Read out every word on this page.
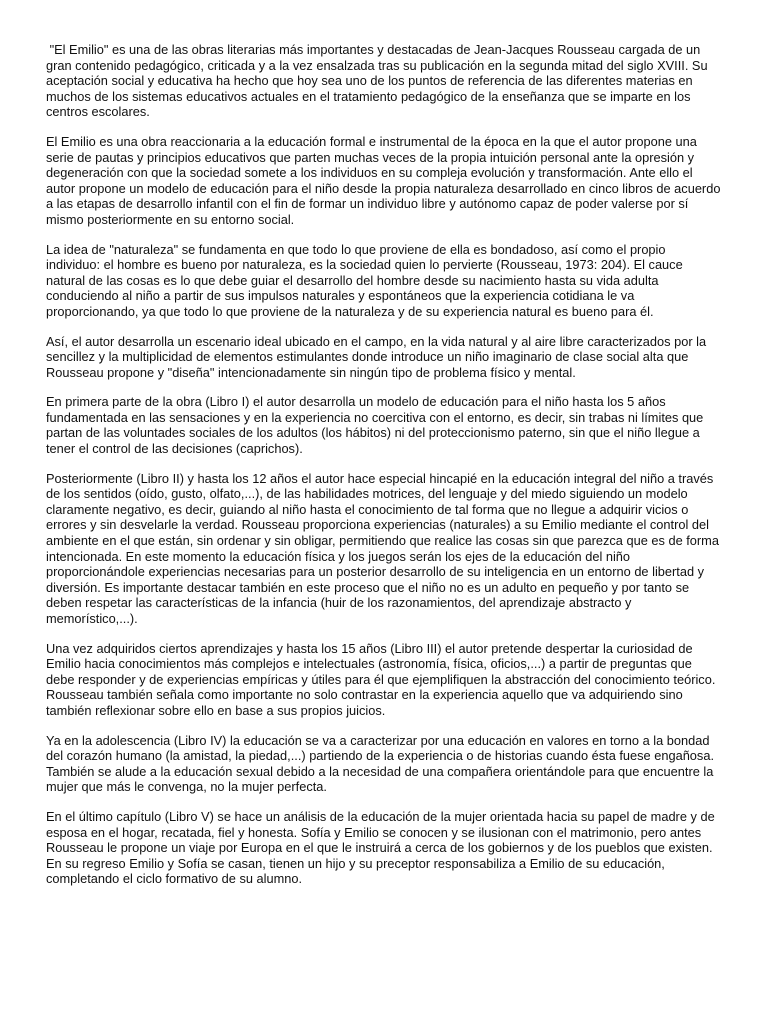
"El Emilio" es una de las obras literarias más importantes y destacadas de Jean-Jacques Rousseau cargada de un gran contenido pedagógico, criticada y a la vez ensalzada tras su publicación en la segunda mitad del siglo XVIII. Su aceptación social y educativa ha hecho que hoy sea uno de los puntos de referencia de las diferentes materias en muchos de los sistemas educativos actuales en el tratamiento pedagógico de la enseñanza que se imparte en los centros escolares.

El Emilio es una obra reaccionaria a la educación formal e instrumental de la época en la que el autor propone una serie de pautas y principios educativos que parten muchas veces de la propia intuición personal ante la opresión y degeneración con que la sociedad somete a los individuos en su compleja evolución y transformación. Ante ello el autor propone un modelo de educación para el niño desde la propia naturaleza desarrollado en cinco libros de acuerdo a las etapas de desarrollo infantil con el fin de formar un individuo libre y autónomo capaz de poder valerse por sí mismo posteriormente en su entorno social.

La idea de "naturaleza" se fundamenta en que todo lo que proviene de ella es bondadoso, así como el propio individuo: el hombre es bueno por naturaleza, es la sociedad quien lo pervierte (Rousseau, 1973: 204). El cauce natural de las cosas es lo que debe guiar el desarrollo del hombre desde su nacimiento hasta su vida adulta conduciendo al niño a partir de sus impulsos naturales y espontáneos que la experiencia cotidiana le va proporcionando, ya que todo lo que proviene de la naturaleza y de su experiencia natural es bueno para él.

Así, el autor desarrolla un escenario ideal ubicado en el campo, en la vida natural y al aire libre caracterizados por la sencillez y la multiplicidad de elementos estimulantes donde introduce un niño imaginario de clase social alta que Rousseau propone y "diseña" intencionadamente sin ningún tipo de problema físico y mental.

En primera parte de la obra (Libro I) el autor desarrolla un modelo de educación para el niño hasta los 5 años fundamentada en las sensaciones y en la experiencia no coercitiva con el entorno, es decir, sin trabas ni límites que partan de las voluntades sociales de los adultos (los hábitos) ni del proteccionismo paterno, sin que el niño llegue a tener el control de las decisiones (caprichos).

Posteriormente (Libro II) y hasta los 12 años el autor hace especial hincapié en la educación integral del niño a través de los sentidos (oído, gusto, olfato,...), de las habilidades motrices, del lenguaje y del miedo siguiendo un modelo claramente negativo, es decir, guiando al niño hasta el conocimiento de tal forma que no llegue a adquirir vicios o errores y sin desvelarle la verdad. Rousseau proporciona experiencias (naturales) a su Emilio mediante el control del ambiente en el que están, sin ordenar y sin obligar, permitiendo que realice las cosas sin que parezca que es de forma intencionada. En este momento la educación física y los juegos serán los ejes de la educación del niño proporcionándole experiencias necesarias para un posterior desarrollo de su inteligencia en un entorno de libertad y diversión. Es importante destacar también en este proceso que el niño no es un adulto en pequeño y por tanto se deben respetar las características de la infancia (huir de los razonamientos, del aprendizaje abstracto y memorístico,...).

Una vez adquiridos ciertos aprendizajes y hasta los 15 años (Libro III) el autor pretende despertar la curiosidad de Emilio hacia conocimientos más complejos e intelectuales (astronomía, física, oficios,...) a partir de preguntas que debe responder y de experiencias empíricas y útiles para él que ejemplifiquen la abstracción del conocimiento teórico. Rousseau también señala como importante no solo contrastar en la experiencia aquello que va adquiriendo sino también reflexionar sobre ello en base a sus propios juicios.

Ya en la adolescencia (Libro IV) la educación se va a caracterizar por una educación en valores en torno a la bondad del corazón humano (la amistad, la piedad,...) partiendo de la experiencia o de historias cuando ésta fuese engañosa. También se alude a la educación sexual debido a la necesidad de una compañera orientándole para que encuentre la mujer que más le convenga, no la mujer perfecta.

En el último capítulo (Libro V) se hace un análisis de la educación de la mujer orientada hacia su papel de madre y de esposa en el hogar, recatada, fiel y honesta. Sofía y Emilio se conocen y se ilusionan con el matrimonio, pero antes Rousseau le propone un viaje por Europa en el que le instruirá a cerca de los gobiernos y de los pueblos que existen. En su regreso Emilio y Sofía se casan, tienen un hijo y su preceptor responsabiliza a Emilio de su educación, completando el ciclo formativo de su alumno.
